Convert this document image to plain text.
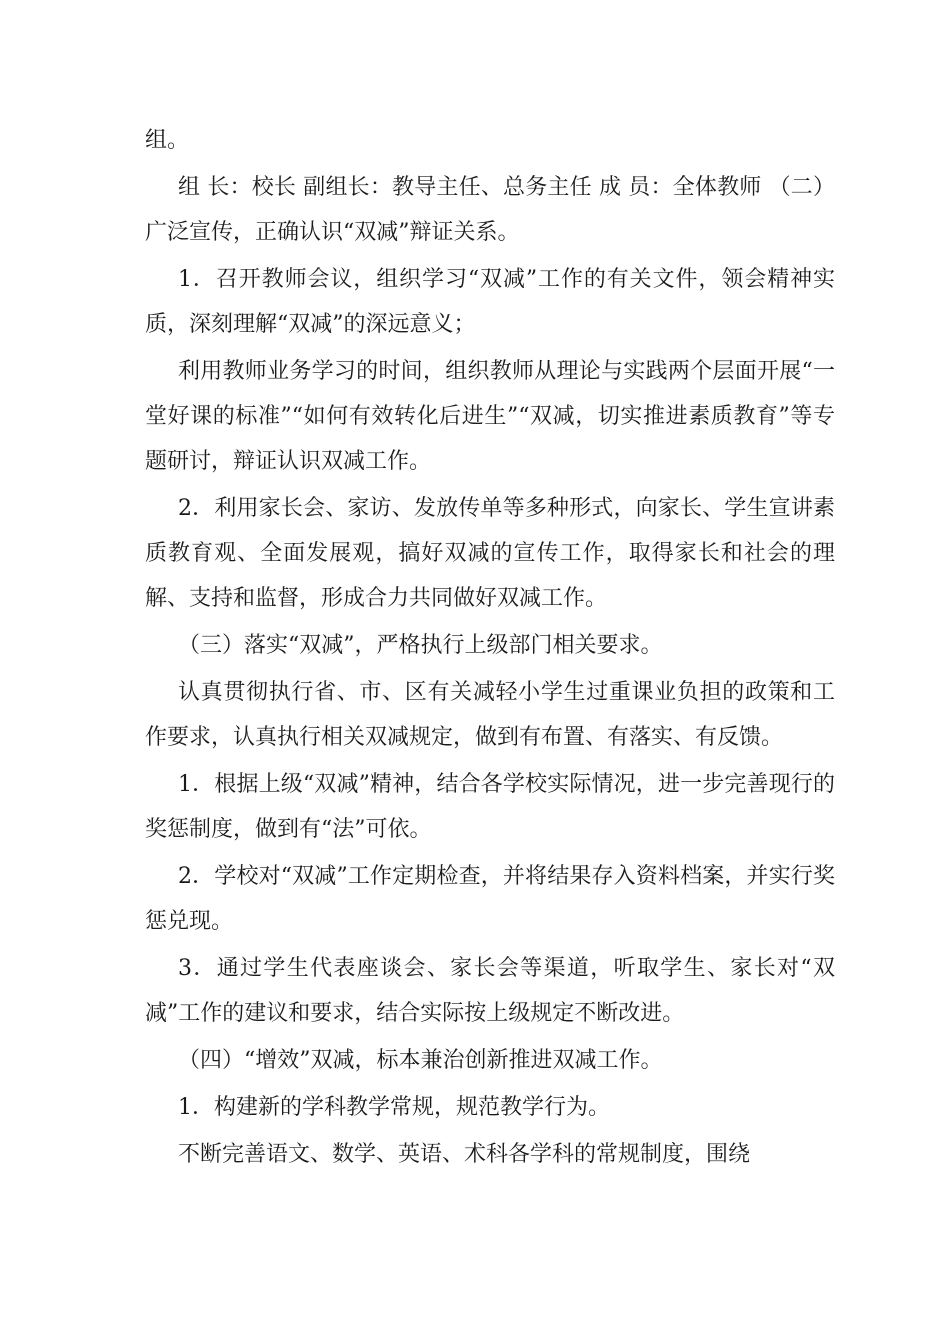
组。

组 长：校长 副组长：教导主任、总务主任 成 员：全体教师 （二）广泛宣传，正确认识“双减”辩证关系。

1．召开教师会议，组织学习“双减”工作的有关文件，领会精神实质，深刻理解“双减”的深远意义；

利用教师业务学习的时间，组织教师从理论与实践两个层面开展“一堂好课的标准”“如何有效转化后进生”“双减，切实推进素质教育”等专题研讨，辩证认识双减工作。

2．利用家长会、家访、发放传单等多种形式，向家长、学生宣讲素质教育观、全面发展观，搞好双减的宣传工作，取得家长和社会的理解、支持和监督，形成合力共同做好双减工作。

（三）落实“双减”，严格执行上级部门相关要求。

认真贯彻执行省、市、区有关减轻小学生过重课业负担的政策和工作要求，认真执行相关双减规定，做到有布置、有落实、有反馈。

1．根据上级“双减”精神，结合各学校实际情况，进一步完善现行的奖惩制度，做到有“法”可依。

2．学校对“双减”工作定期检查，并将结果存入资料档案，并实行奖惩兑现。

3．通过学生代表座谈会、家长会等渠道，听取学生、家长对“双减”工作的建议和要求，结合实际按上级规定不断改进。

（四）“增效”双减，标本兼治创新推进双减工作。

1．构建新的学科教学常规，规范教学行为。

不断完善语文、数学、英语、术科各学科的常规制度，围绕
